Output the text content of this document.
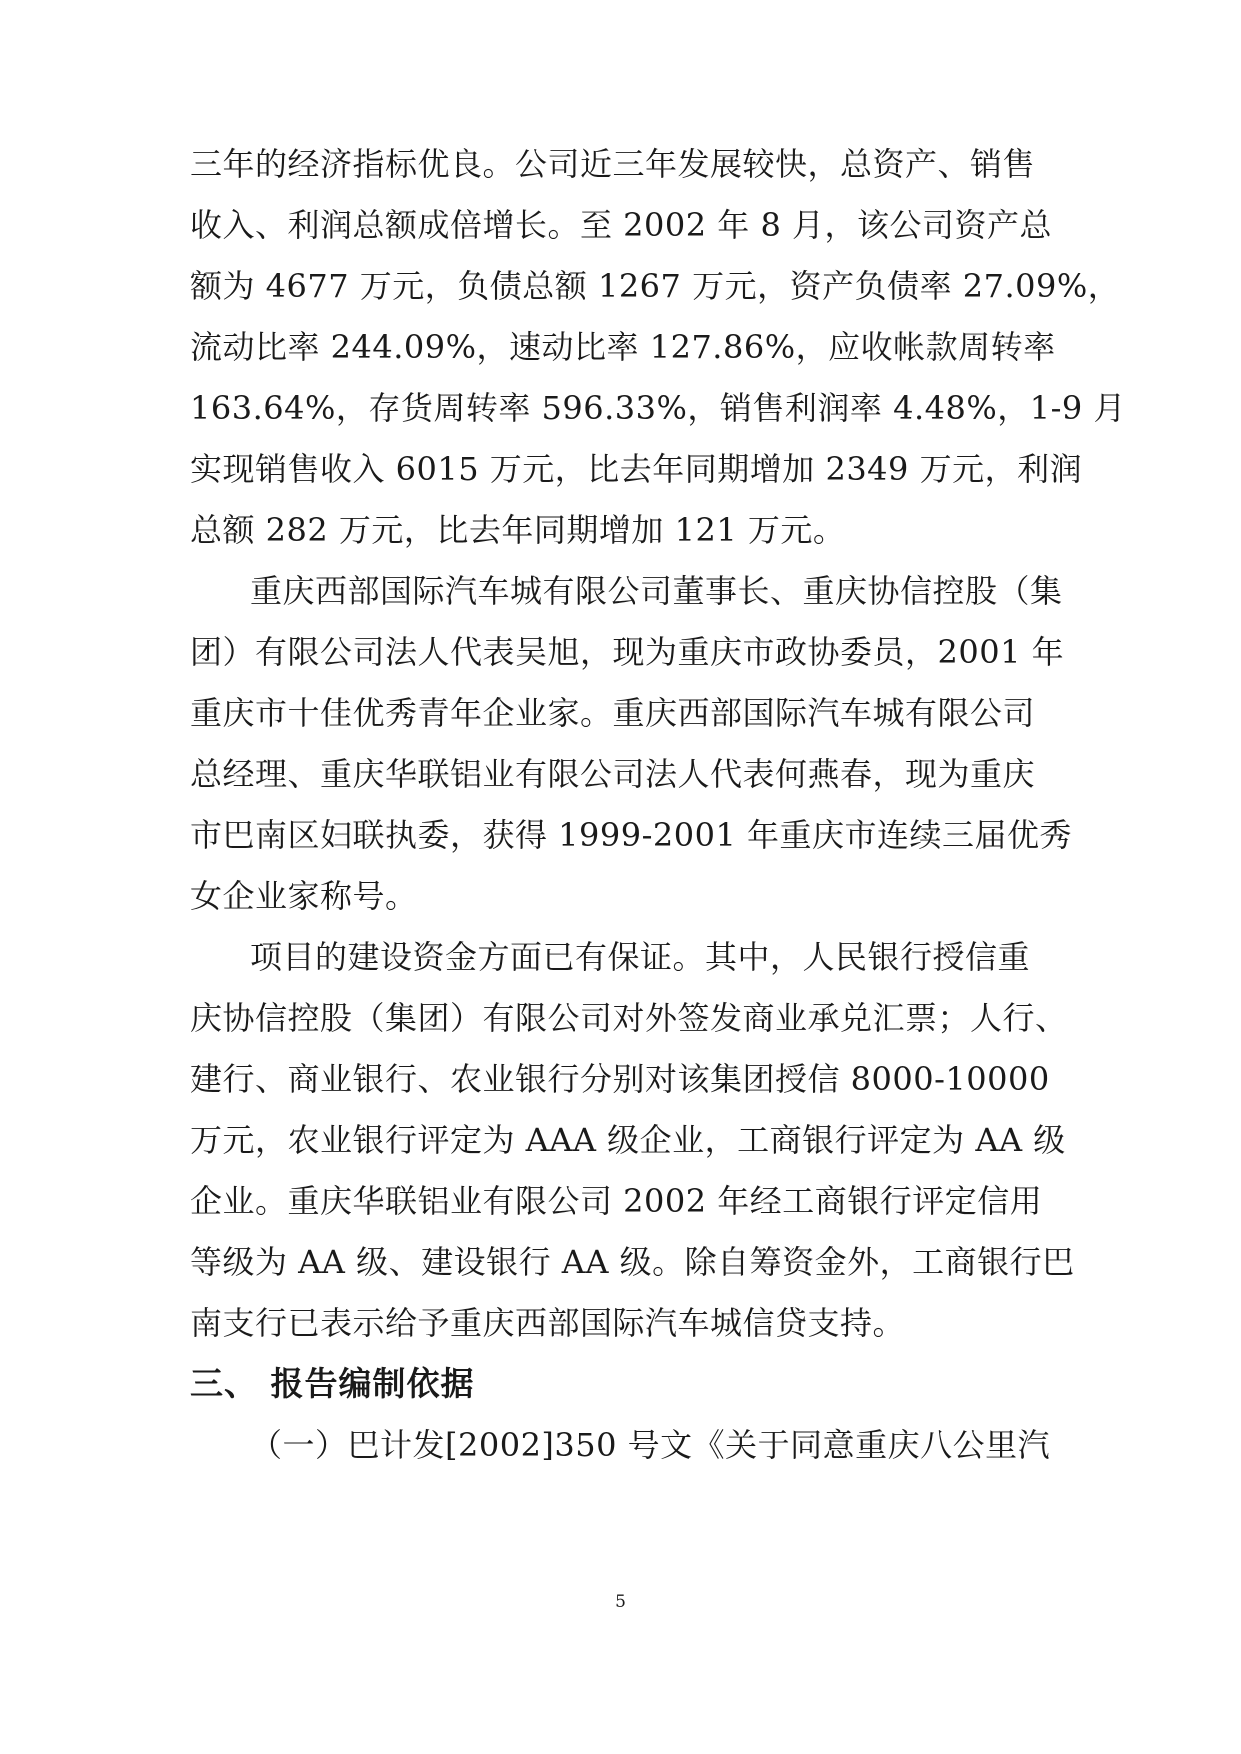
三年的经济指标优良。公司近三年发展较快，总资产、销售
收入、利润总额成倍增长。至 2002 年 8 月，该公司资产总
额为 4677 万元，负债总额 1267 万元，资产负债率 27.09%，
流动比率 244.09%，速动比率 127.86%，应收帐款周转率
163.64%，存货周转率 596.33%，销售利润率 4.48%，1-9 月
实现销售收入 6015 万元，比去年同期增加 2349 万元，利润
总额 282 万元，比去年同期增加 121 万元。
重庆西部国际汽车城有限公司董事长、重庆协信控股（集
团）有限公司法人代表吴旭，现为重庆市政协委员，2001 年
重庆市十佳优秀青年企业家。重庆西部国际汽车城有限公司
总经理、重庆华联铝业有限公司法人代表何燕春，现为重庆
市巴南区妇联执委，获得 1999-2001 年重庆市连续三届优秀
女企业家称号。
项目的建设资金方面已有保证。其中，人民银行授信重
庆协信控股（集团）有限公司对外签发商业承兑汇票；人行、
建行、商业银行、农业银行分别对该集团授信 8000-10000
万元，农业银行评定为 AAA 级企业，工商银行评定为 AA 级
企业。重庆华联铝业有限公司 2002 年经工商银行评定信用
等级为 AA 级、建设银行 AA 级。除自筹资金外，工商银行巴
南支行已表示给予重庆西部国际汽车城信贷支持。
三、 报告编制依据
（一）巴计发[2002]350 号文《关于同意重庆八公里汽
5
